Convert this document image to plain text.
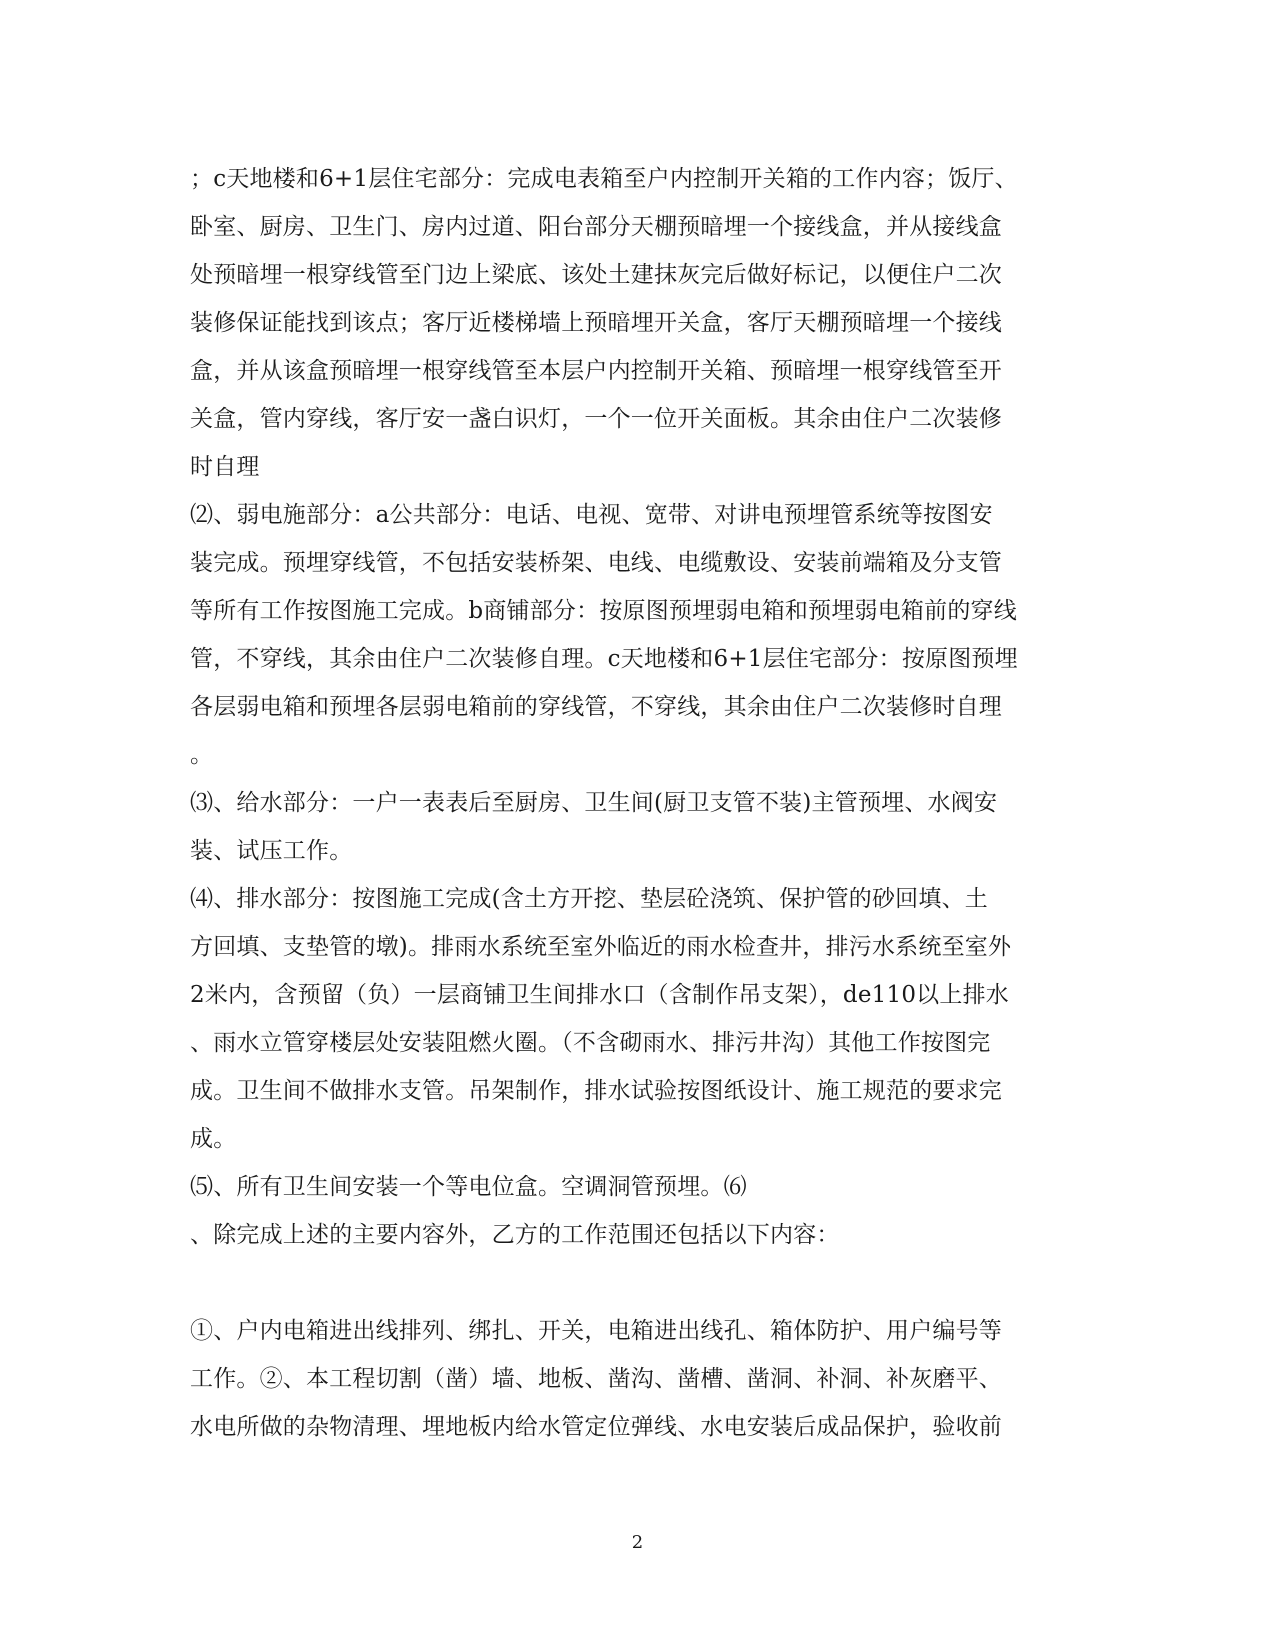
；c天地楼和6+1层住宅部分：完成电表箱至户内控制开关箱的工作内容；饭厅、
卧室、厨房、卫生门、房内过道、阳台部分天棚预暗埋一个接线盒，并从接线盒
处预暗埋一根穿线管至门边上梁底、该处土建抹灰完后做好标记，以便住户二次
装修保证能找到该点；客厅近楼梯墙上预暗埋开关盒，客厅天棚预暗埋一个接线
盒，并从该盒预暗埋一根穿线管至本层户内控制开关箱、预暗埋一根穿线管至开
关盒，管内穿线，客厅安一盏白识灯，一个一位开关面板。其余由住户二次装修
时自理
⑵、弱电施部分：a公共部分：电话、电视、宽带、对讲电预埋管系统等按图安
装完成。预埋穿线管，不包括安装桥架、电线、电缆敷设、安装前端箱及分支管
等所有工作按图施工完成。b商铺部分：按原图预埋弱电箱和预埋弱电箱前的穿线
管，不穿线，其余由住户二次装修自理。c天地楼和6+1层住宅部分：按原图预埋
各层弱电箱和预埋各层弱电箱前的穿线管，不穿线，其余由住户二次装修时自理
。
⑶、给水部分：一户一表表后至厨房、卫生间(厨卫支管不装)主管预埋、水阀安
装、试压工作。
⑷、排水部分：按图施工完成(含土方开挖、垫层砼浇筑、保护管的砂回填、土
方回填、支垫管的墩)。排雨水系统至室外临近的雨水检查井，排污水系统至室外
2米内，含预留（负）一层商铺卫生间排水口（含制作吊支架），de110以上排水
、雨水立管穿楼层处安装阻燃火圈。（不含砌雨水、排污井沟）其他工作按图完
成。卫生间不做排水支管。吊架制作，排水试验按图纸设计、施工规范的要求完
成。
⑸、所有卫生间安装一个等电位盒。空调洞管预埋。⑹
、除完成上述的主要内容外，乙方的工作范围还包括以下内容：
①、户内电箱进出线排列、绑扎、开关，电箱进出线孔、箱体防护、用户编号等
工作。②、本工程切割（凿）墙、地板、凿沟、凿槽、凿洞、补洞、补灰磨平、
水电所做的杂物清理、埋地板内给水管定位弹线、水电安装后成品保护，验收前
2
